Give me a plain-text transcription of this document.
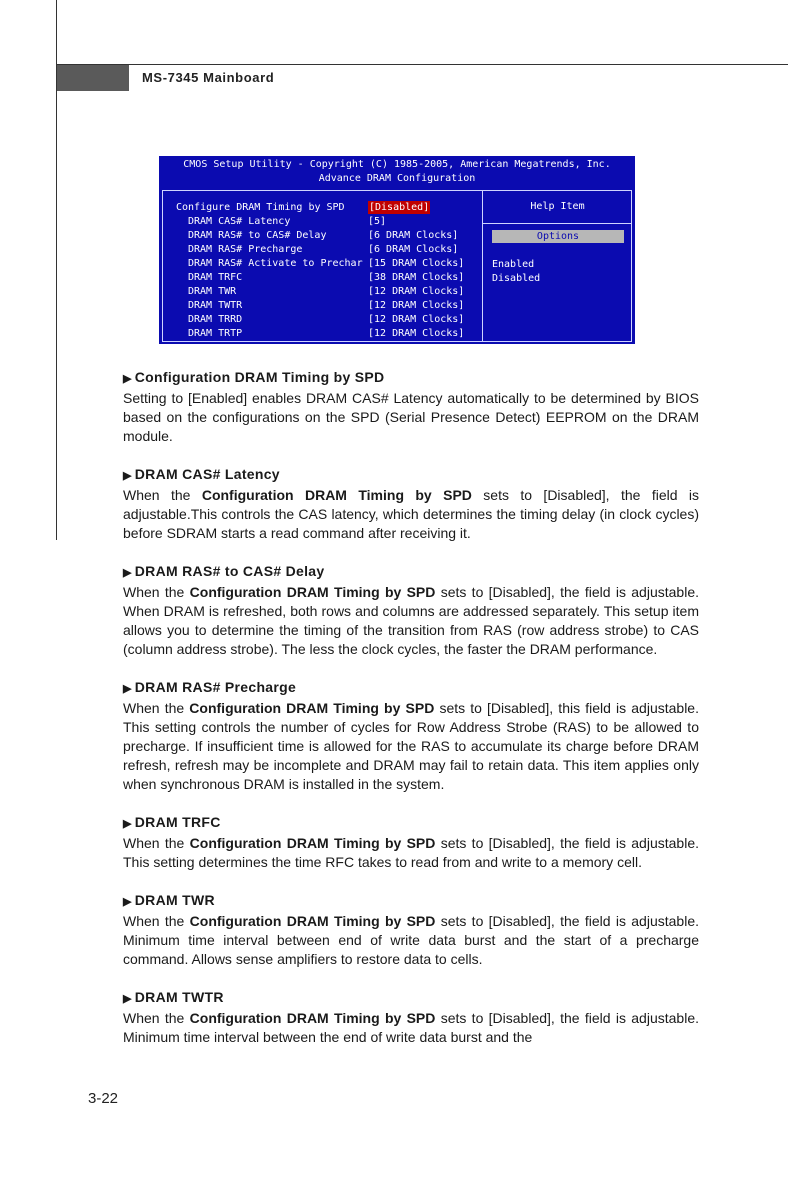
MS-7345 Mainboard
CMOS Setup Utility - Copyright (C) 1985-2005, American Megatrends, Inc.
Advance DRAM Configuration
Configure DRAM Timing by SPD [Disabled]
DRAM CAS# Latency	[5]
DRAM RAS# to CAS# Delay	[6 DRAM Clocks]
DRAM RAS# Precharge	[6 DRAM Clocks]
DRAM RAS# Activate to Prechar [15 DRAM Clocks]
DRAM TRFC	[38 DRAM Clocks]
DRAM TWR	[12 DRAM Clocks]
DRAM TWTR	[12 DRAM Clocks]
DRAM TRRD	[12 DRAM Clocks]
DRAM TRTP	[12 DRAM Clocks]
Help Item
Options
Enabled
Disabled
▶ Configuration DRAM Timing by SPD

Setting to [Enabled] enables DRAM CAS# Latency automatically to be determined by BIOS based on the configurations on the SPD (Serial Presence Detect) EEPROM on the DRAM module.

▶ DRAM CAS# Latency

When the Configuration DRAM Timing by SPD sets to [Disabled], the field is adjustable.This controls the CAS latency, which determines the timing delay (in clock cycles) before SDRAM starts a read command after receiving it.

▶ DRAM RAS# to CAS# Delay

When the Configuration DRAM Timing by SPD sets to [Disabled], the field is adjustable. When DRAM is refreshed, both rows and columns are addressed separately. This setup item allows you to determine the timing of the transition from RAS (row address strobe) to CAS (column address strobe). The less the clock cycles, the faster the DRAM performance.

▶ DRAM RAS# Precharge

When the Configuration DRAM Timing by SPD sets to [Disabled], this field is adjustable. This setting controls the number of cycles for Row Address Strobe (RAS) to be allowed to precharge. If insufficient time is allowed for the RAS to accumulate its charge before DRAM refresh, refresh may be incomplete and DRAM may fail to retain data. This item applies only when synchronous DRAM is installed in the system.

▶ DRAM TRFC

When the Configuration DRAM Timing by SPD sets to [Disabled], the field is adjustable. This setting determines the time RFC takes to read from and write to a memory cell.

▶ DRAM TWR

When the Configuration DRAM Timing by SPD sets to [Disabled], the field is adjustable. Minimum time interval between end of write data burst and the start of a precharge command. Allows sense amplifiers to restore data to cells.

▶ DRAM TWTR

When the Configuration DRAM Timing by SPD sets to [Disabled], the field is adjustable. Minimum time interval between the end of write data burst and the

3-22
